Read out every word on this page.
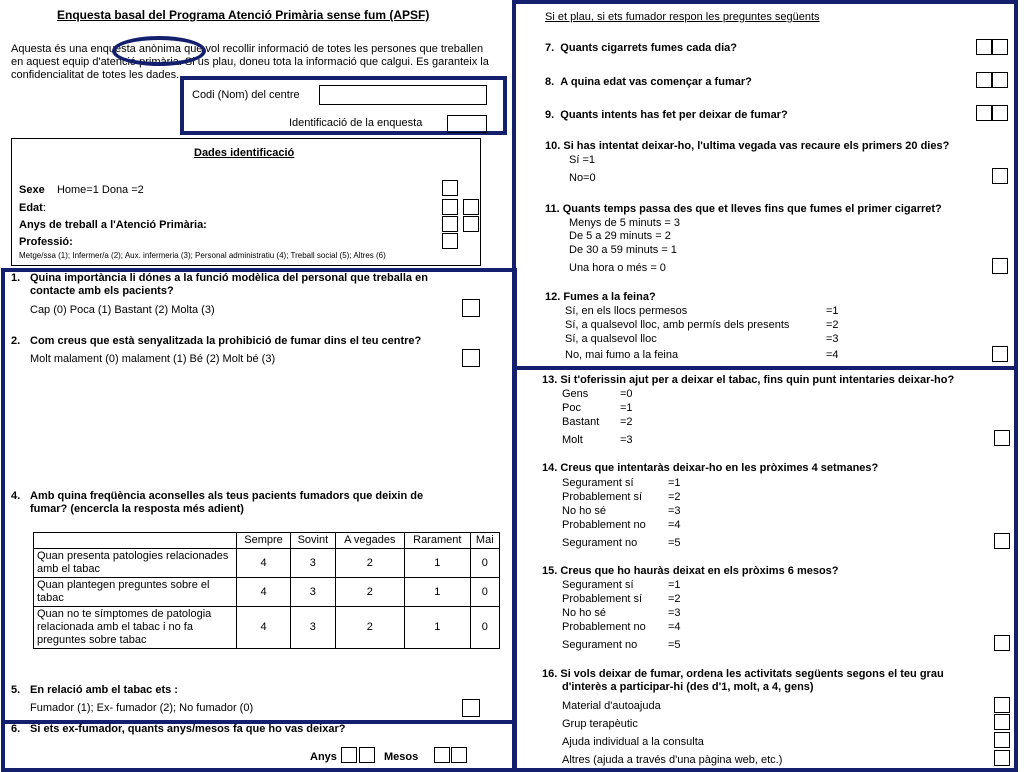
Enquesta basal del Programa Atenció Primària sense fum (APSF)
Aquesta és una enquesta anònima que vol recollir informació de totes les persones que treballen
en aquest equip d'atenció primària. Si us plau, doneu tota la informació que calgui. Es garanteix la
confidencialitat de totes les dades.
Codi (Nom) del centre
Identificació de la enquesta
Dades identificació
Sexe Home=1 Dona =2
Edat:
Anys de treball a l'Atenció Primària:
Professió:
Metge/ssa (1); Infermer/a (2); Aux. infermeria (3); Personal administratiu (4); Treball social (5); Altres (6)
1. Quina importància li dónes a la funció modèlica del personal que treballa en
contacte amb els pacients?
Cap (0) Poca (1) Bastant (2) Molta (3)
2. Com creus que està senyalitzada la prohibició de fumar dins el teu centre?
Molt malament (0) malament (1) Bé (2) Molt bé (3)
4. Amb quina freqüència aconselles als teus pacients fumadors que deixin de
fumar? (encercla la resposta més adient)
	Sempre	Sovint	A vegades	Rarament	Mai
Quan presenta patologies relacionades amb el tabac	4	3	2	1	0
Quan plantegen preguntes sobre el tabac	4	3	2	1	0
Quan no te símptomes de patologia relacionada amb el tabac i no fa preguntes sobre tabac	4	3	2	1	0
5. En relació amb el tabac ets :
Fumador (1); Ex- fumador (2); No fumador (0)
6. Si ets ex-fumador, quants anys/mesos fa que ho vas deixar?
Anys	Mesos
Si et plau, si ets fumador respon les preguntes següents
7.  Quants cigarrets fumes cada dia?
8.  A quina edat vas començar a fumar?
9.  Quants intents has fet per deixar de fumar?
10. Si has intentat deixar-ho, l'ultima vegada vas recaure els primers 20 dies?
Sí =1
No=0
11. Quants temps passa des que et lleves fins que fumes el primer cigarret?
Menys de 5 minuts = 3
De 5 a 29 minuts = 2
De 30 a 59 minuts = 1
Una hora o més = 0
12. Fumes a la feina?
Sí, en els llocs permesos	=1
Sí, a qualsevol lloc, amb permís dels presents	=2
Sí, a qualsevol lloc	=3
No, mai fumo a la feina	=4
13. Si t'oferissin ajut per a deixar el tabac, fins quin punt intentaries deixar-ho?
Gens	=0
Poc	=1
Bastant =2
Molt	=3
14. Creus que intentaràs deixar-ho en les pròximes 4 setmanes?
Segurament sí	=1
Probablement sí =2
No ho sé	=3
Probablement no =4
Segurament no	=5
15. Creus que ho hauràs deixat en els pròxims 6 mesos?
Segurament sí	=1
Probablement sí =2
No ho sé	=3
Probablement no =4
Segurament no	=5
16. Si vols deixar de fumar, ordena les activitats següents segons el teu grau
d'interès a participar-hi (des d'1, molt, a 4, gens)
Material d'autoajuda
Grup terapèutic
Ajuda individual a la consulta
Altres (ajuda a través d'una pàgina web, etc.)
